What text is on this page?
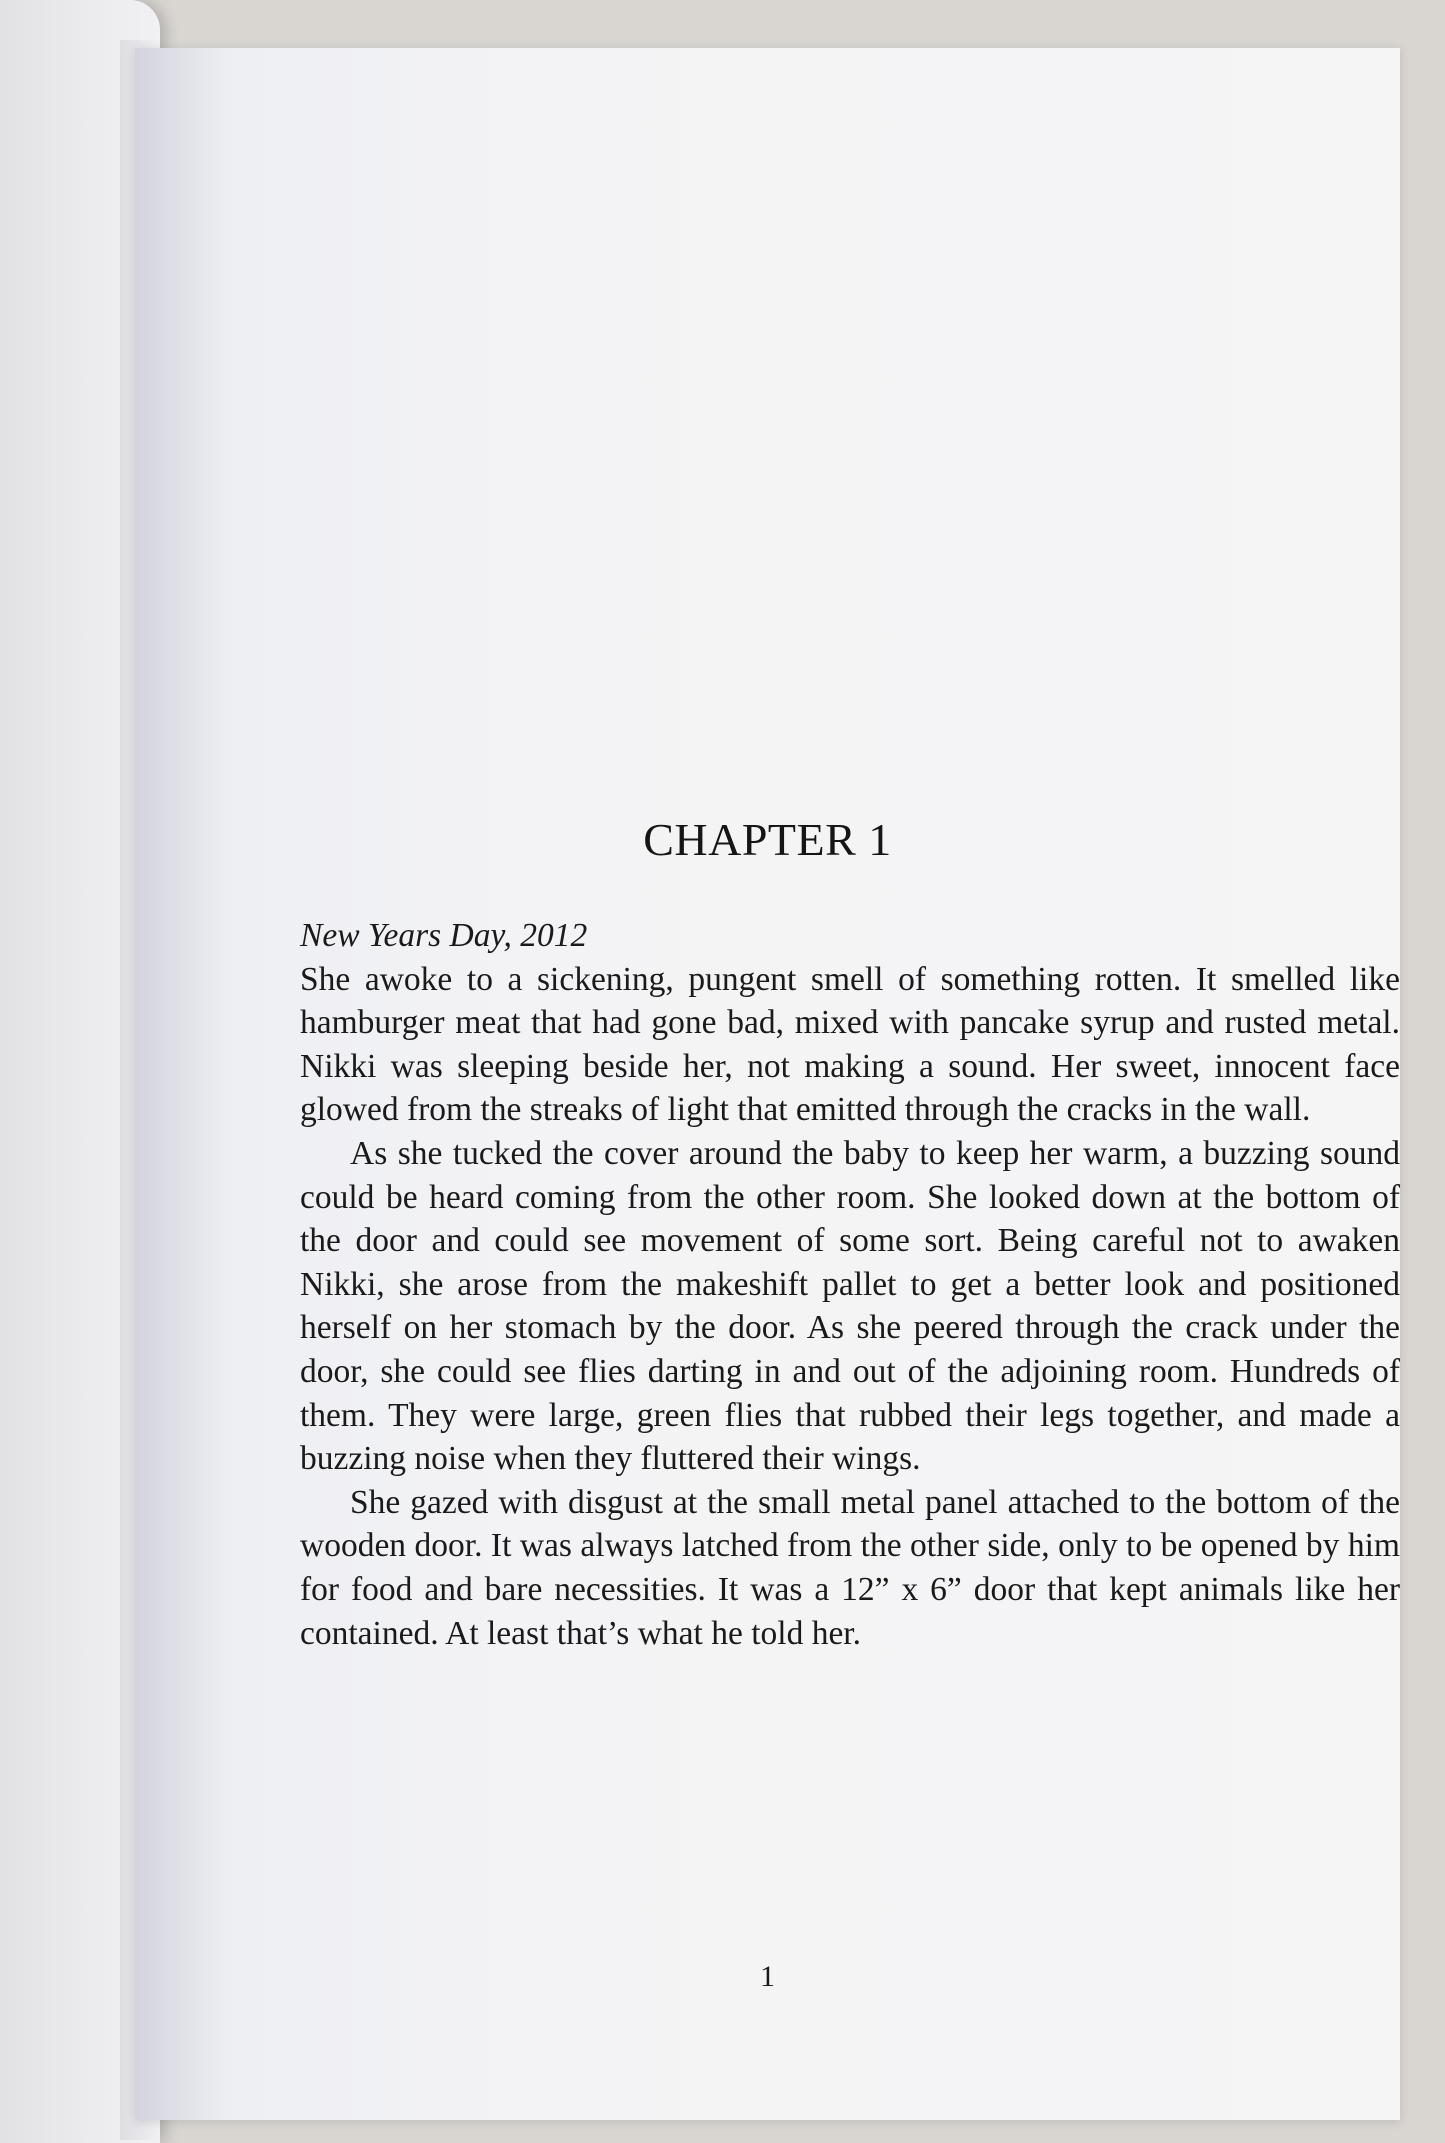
CHAPTER 1

New Years Day, 2012

She awoke to a sickening, pungent smell of something rotten. It smelled like hamburger meat that had gone bad, mixed with pancake syrup and rusted metal. Nikki was sleeping beside her, not making a sound. Her sweet, innocent face glowed from the streaks of light that emitted through the cracks in the wall.

As she tucked the cover around the baby to keep her warm, a buzzing sound could be heard coming from the other room. She looked down at the bottom of the door and could see movement of some sort. Being careful not to awaken Nikki, she arose from the makeshift pallet to get a better look and positioned herself on her stomach by the door. As she peered through the crack under the door, she could see flies darting in and out of the adjoining room. Hundreds of them. They were large, green flies that rubbed their legs together, and made a buzzing noise when they fluttered their wings.

She gazed with disgust at the small metal panel attached to the bottom of the wooden door. It was always latched from the other side, only to be opened by him for food and bare necessities. It was a 12” x 6” door that kept animals like her contained. At least that’s what he told her.

1
